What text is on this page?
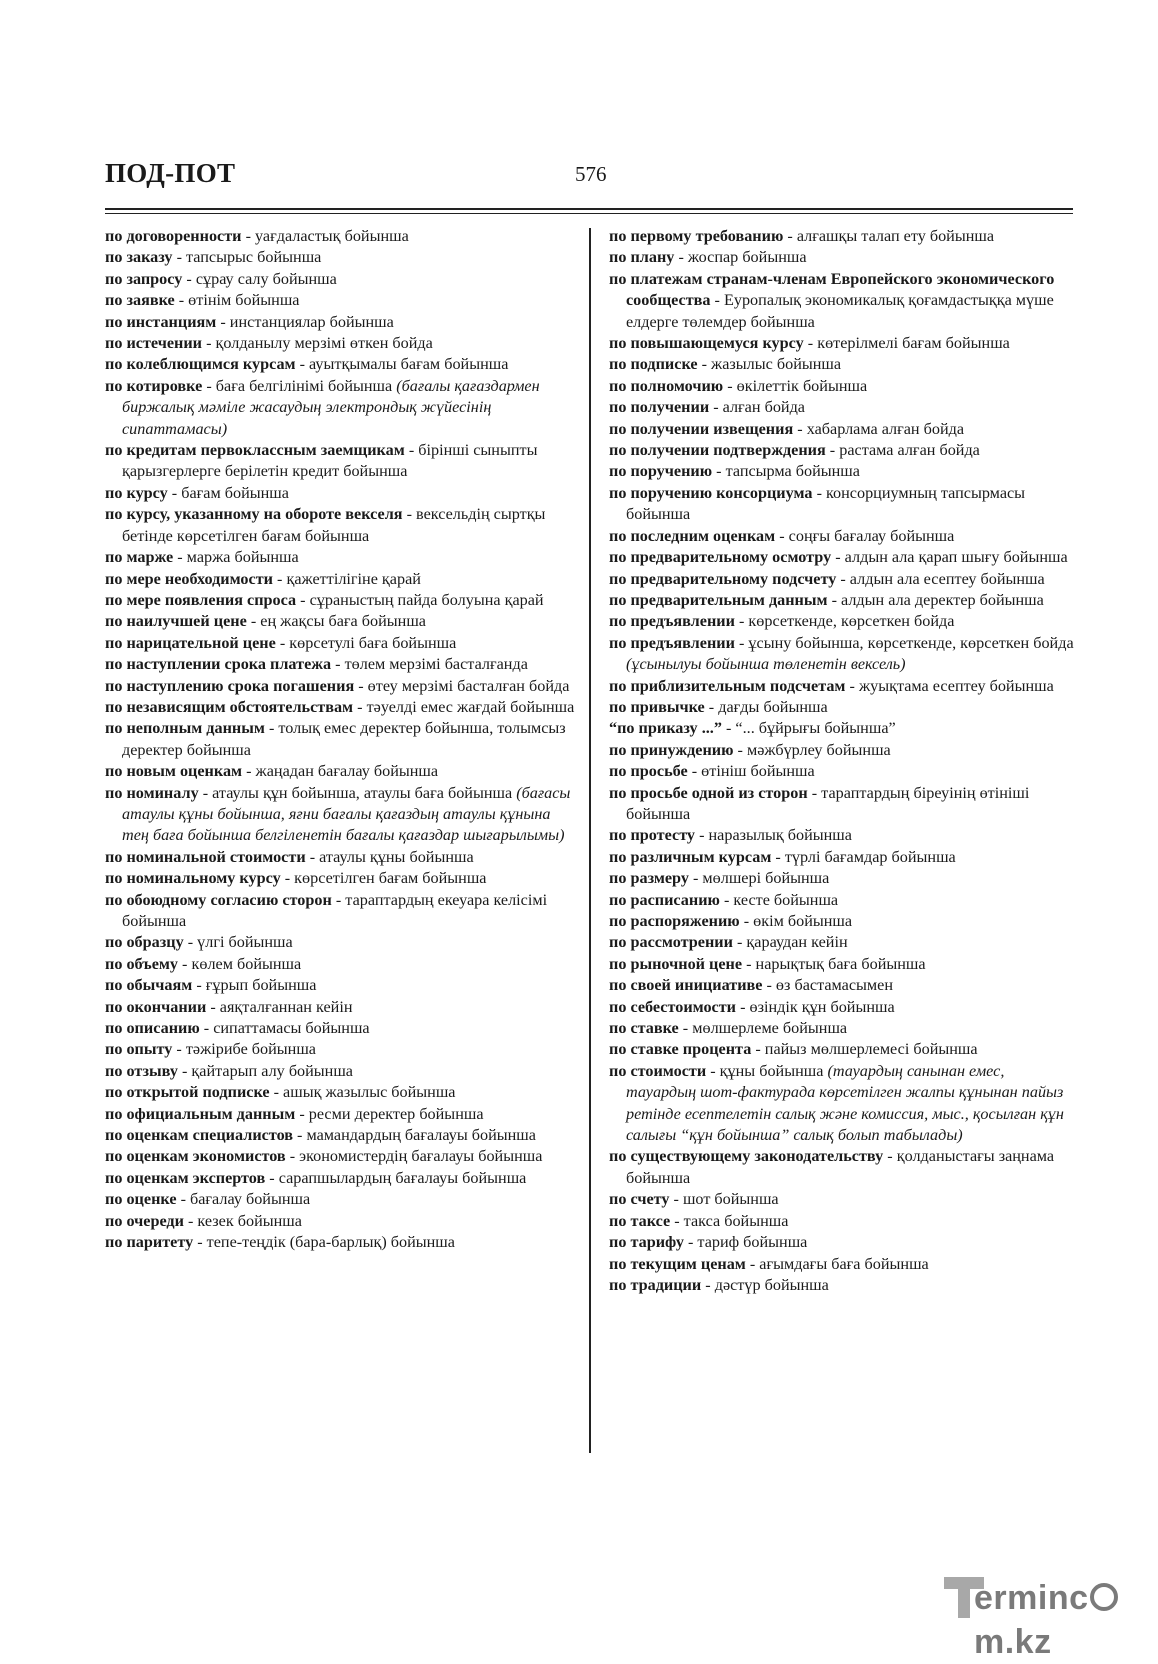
ПОД-ПОТ	576

по договоренности - уағдаластық бойынша

по заказу - тапсырыс бойынша

по запросу - сұрау салу бойынша

по заявке - өтінім бойынша

по инстанциям - инстанциялар бойынша

по истечении - қолданылу мерзімі өткен бойда

по колеблющимся курсам - ауытқымалы бағам бойынша

по котировке - баға белгілінімі бойынша (бағалы қағаздармен биржалық мәміле жасаудың электрондық жүйесінің сипаттамасы)

по кредитам первоклассным заемщикам - бірінші сыныпты қарызгерлерге берілетін кредит бойынша

по курсу - бағам бойынша

по курсу, указанному на обороте векселя - вексельдің сыртқы бетінде көрсетілген бағам бойынша

по марже - маржа бойынша

по мере необходимости - қажеттілігіне қарай

по мере появления спроса - сұраныстың пайда болуына қарай

по наилучшей цене - ең жақсы баға бойынша

по нарицательной цене - көрсетулі баға бойынша

по наступлении срока платежа - төлем мерзімі басталғанда

по наступлению срока погашения - өтеу мерзімі басталған бойда

по независящим обстоятельствам - тәуелді емес жағдай бойынша

по неполным данным - толық емес деректер бойынша, толымсыз деректер бойынша

по новым оценкам - жаңадан бағалау бойынша

по номиналу - атаулы құн бойынша, атаулы баға бойынша (бағасы атаулы құны бойынша, яғни бағалы қағаздың атаулы құнына тең баға бойынша белгіленетін бағалы қағаздар шығарылымы)

по номинальной стоимости - атаулы құны бойынша

по номинальному курсу - көрсетілген бағам бойынша

по обоюдному согласию сторон - тараптардың екеуара келісімі бойынша

по образцу - үлгі бойынша

по объему - көлем бойынша

по обычаям - ғұрып бойынша

по окончании - аяқталғаннан кейін

по описанию - сипаттамасы бойынша

по опыту - тәжірибе бойынша

по отзыву - қайтарып алу бойынша

по открытой подписке - ашық жазылыс бойынша

по официальным данным - ресми деректер бойынша

по оценкам специалистов - мамандардың бағалауы бойынша

по оценкам экономистов - экономистердің бағалауы бойынша

по оценкам экспертов - сарапшылардың бағалауы бойынша

по оценке - бағалау бойынша

по очереди - кезек бойынша

по паритету - тепе-теңдік (бара-барлық) бойынша

по первому требованию - алғашқы талап ету бойынша

по плану - жоспар бойынша

по платежам странам-членам Европейского экономического сообщества - Еуропалық экономикалық қоғамдастыққа мүше елдерге төлемдер бойынша

по повышающемуся курсу - көтерілмелі бағам бойынша

по подписке - жазылыс бойынша

по полномочию - өкілеттік бойынша

по получении - алған бойда

по получении извещения - хабарлама алған бойда

по получении подтверждения - растама алған бойда

по поручению - тапсырма бойынша

по поручению консорциума - консорциумның тапсырмасы бойынша

по последним оценкам - соңғы бағалау бойынша

по предварительному осмотру - алдын ала қарап шығу бойынша

по предварительному подсчету - алдын ала есептеу бойынша

по предварительным данным - алдын ала деректер бойынша

по предъявлении - көрсеткенде, көрсеткен бойда

по предъявлении - ұсыну бойынша, көрсеткенде, көрсеткен бойда (ұсынылуы бойынша төленетін вексель)

по приблизительным подсчетам - жуықтама есептеу бойынша

по привычке - дағды бойынша

“по приказу ...” - “... бұйрығы бойынша”

по принуждению - мәжбүрлеу бойынша

по просьбе - өтініш бойынша

по просьбе одной из сторон - тараптардың біреуінің өтініші бойынша

по протесту - наразылық бойынша

по различным курсам - түрлі бағамдар бойынша

по размеру - мөлшері бойынша

по расписанию - кесте бойынша

по распоряжению - өкім бойынша

по рассмотрении - қараудан кейін

по рыночной цене - нарықтық баға бойынша

по своей инициативе - өз бастамасымен

по себестоимости - өзіндік құн бойынша

по ставке - мөлшерлеме бойынша

по ставке процента - пайыз мөлшерлемесі бойынша

по стоимости - құны бойынша (тауардың санынан емес, тауардың шот-фактурада көрсетілген жалпы құнынан пайыз ретінде есептелетін салық және комиссия, мыс., қосылған құн салығы “құн бойынша” салық болып табылады)

по существующему законодательству - қолданыстағы заңнама бойынша

по счету - шот бойынша

по таксе - такса бойынша

по тарифу - тариф бойынша

по текущим ценам - ағымдағы баға бойынша

по традиции - дәстүр бойынша

ermincm.kz
